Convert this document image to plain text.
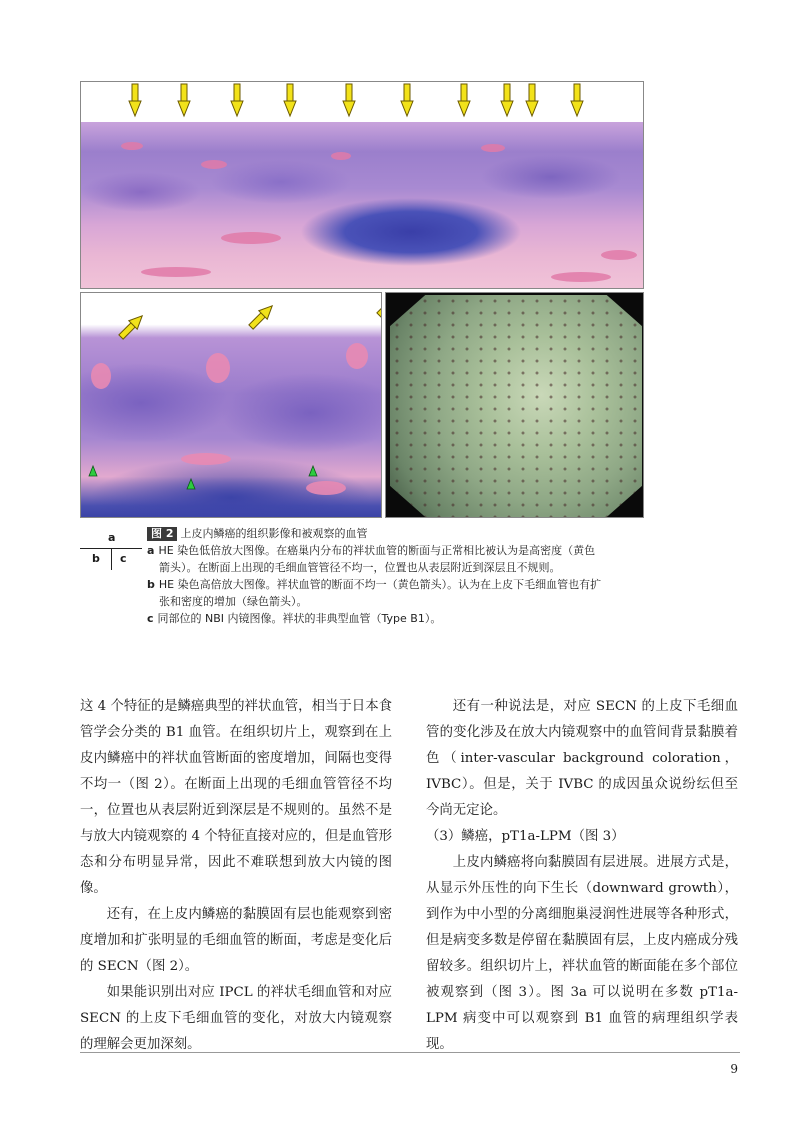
a
b c

图 2 上皮内鳞癌的组织影像和被观察的血管

a HE 染色低倍放大图像。在癌巢内分布的袢状血管的断面与正常相比被认为是高密度（黄色

箭头）。在断面上出现的毛细血管管径不均一，位置也从表层附近到深层且不规则。

b HE 染色高倍放大图像。袢状血管的断面不均一（黄色箭头）。认为在上皮下毛细血管也有扩

张和密度的增加（绿色箭头）。

c 同部位的 NBI 内镜图像。袢状的非典型血管（Type B1）。

这 4 个特征的是鳞癌典型的袢状血管，相当于日本食管学会分类的 B1 血管。在组织切片上，观察到在上皮内鳞癌中的袢状血管断面的密度增加，间隔也变得不均一（图 2）。在断面上出现的毛细血管管径不均一，位置也从表层附近到深层是不规则的。虽然不是与放大内镜观察的 4 个特征直接对应的，但是血管形态和分布明显异常，因此不难联想到放大内镜的图像。

还有，在上皮内鳞癌的黏膜固有层也能观察到密度增加和扩张明显的毛细血管的断面，考虑是变化后的 SECN（图 2）。

如果能识别出对应 IPCL 的袢状毛细血管和对应 SECN 的上皮下毛细血管的变化，对放大内镜观察的理解会更加深刻。

还有一种说法是，对应 SECN 的上皮下毛细血管的变化涉及在放大内镜观察中的血管间背景黏膜着色（inter-vascular background coloration，IVBC）。但是，关于 IVBC 的成因虽众说纷纭但至今尚无定论。

（3）鳞癌，pT1a-LPM（图 3）

上皮内鳞癌将向黏膜固有层进展。进展方式是，从显示外压性的向下生长（downward growth），到作为中小型的分离细胞巢浸润性进展等各种形式，但是病变多数是停留在黏膜固有层，上皮内癌成分残留较多。组织切片上，袢状血管的断面能在多个部位被观察到（图 3）。图 3a 可以说明在多数 pT1a-LPM 病变中可以观察到 B1 血管的病理组织学表现。

9
